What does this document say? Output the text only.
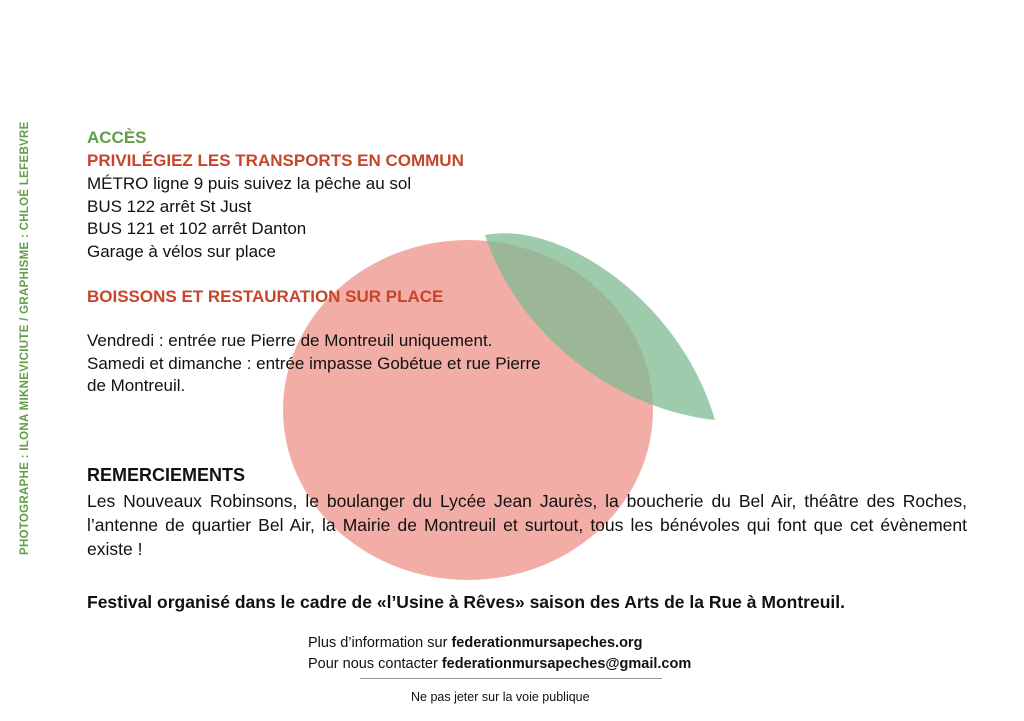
PHOTOGRAPHE : ILONA MIKNEVICIUTE / GRAPHISME : CHLOÉ LEFEBVRE	ACCÈS
PRIVILÉGIEZ LES TRANSPORTS EN COMMUN
MÉTRO ligne 9 puis suivez la pêche au sol
BUS 122 arrêt St Just
BUS 121 et 102 arrêt Danton
Garage à vélos sur place
BOISSONS ET RESTAURATION SUR PLACE
Vendredi : entrée rue Pierre de Montreuil uniquement.
Samedi et dimanche : entrée impasse Gobétue et rue Pierre
de Montreuil.
REMERCIEMENTS
Les Nouveaux Robinsons, le boulanger du Lycée Jean Jaurès, la boucherie du Bel Air, théâtre des Roches, l’antenne de quartier Bel Air, la Mairie de Montreuil et surtout, tous les bénévoles qui font que cet évènement existe !
Festival organisé dans le cadre de «l’Usine à Rêves» saison des Arts de la Rue à Montreuil.
Plus d’information sur federationmursapeches.org
Pour nous contacter federationmursapeches@gmail.com
Ne pas jeter sur la voie publique
